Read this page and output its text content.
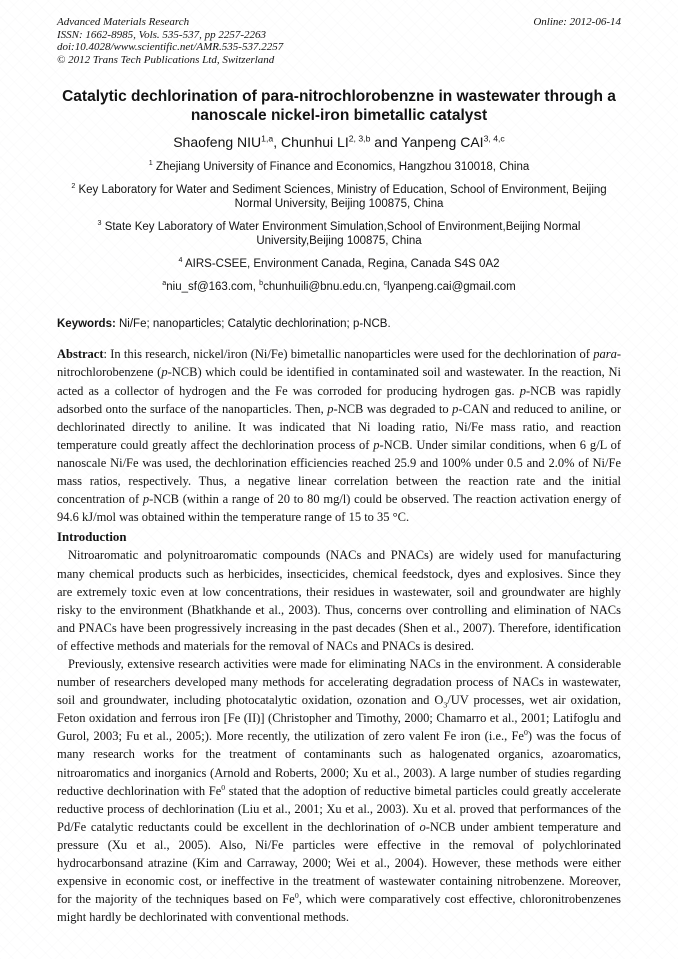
Advanced Materials Research
ISSN: 1662-8985, Vols. 535-537, pp 2257-2263
doi:10.4028/www.scientific.net/AMR.535-537.2257
© 2012 Trans Tech Publications Ltd, Switzerland
Online: 2012-06-14
Catalytic dechlorination of para-nitrochlorobenzne in wastewater through a nanoscale nickel-iron bimetallic catalyst
Shaofeng NIU$^{1,a}$, Chunhui LI$^{2, 3,b}$ and Yanpeng CAI$^{3, 4,c}$
$^1$ Zhejiang University of Finance and Economics, Hangzhou 310018, China
$^2$ Key Laboratory for Water and Sediment Sciences, Ministry of Education, School of Environment, Beijing Normal University, Beijing 100875, China
$^3$ State Key Laboratory of Water Environment Simulation,School of Environment,Beijing Normal University,Beijing 100875, China
$^4$ AIRS-CSEE, Environment Canada, Regina, Canada S4S 0A2
$^a$niu_sf@163.com, $^b$chunhuili@bnu.edu.cn, $^c$lyanpeng.cai@gmail.com
Keywords: Ni/Fe; nanoparticles; Catalytic dechlorination; p-NCB.
Abstract: In this research, nickel/iron (Ni/Fe) bimetallic nanoparticles were used for the dechlorination of para-nitrochlorobenzene (p-NCB) which could be identified in contaminated soil and wastewater. In the reaction, Ni acted as a collector of hydrogen and the Fe was corroded for producing hydrogen gas. p-NCB was rapidly adsorbed onto the surface of the nanoparticles. Then, p-NCB was degraded to p-CAN and reduced to aniline, or dechlorinated directly to aniline. It was indicated that Ni loading ratio, Ni/Fe mass ratio, and reaction temperature could greatly affect the dechlorination process of p-NCB. Under similar conditions, when 6 g/L of nanoscale Ni/Fe was used, the dechlorination efficiencies reached 25.9 and 100% under 0.5 and 2.0% of Ni/Fe mass ratios, respectively. Thus, a negative linear correlation between the reaction rate and the initial concentration of p-NCB (within a range of 20 to 80 mg/l) could be observed. The reaction activation energy of 94.6 kJ/mol was obtained within the temperature range of 15 to 35 °C.
Introduction

Nitroaromatic and polynitroaromatic compounds (NACs and PNACs) are widely used for manufacturing many chemical products such as herbicides, insecticides, chemical feedstock, dyes and explosives. Since they are extremely toxic even at low concentrations, their residues in wastewater, soil and groundwater are highly risky to the environment (Bhatkhande et al., 2003). Thus, concerns over controlling and elimination of NACs and PNACs have been progressively increasing in the past decades (Shen et al., 2007). Therefore, identification of effective methods and materials for the removal of NACs and PNACs is desired.

Previously, extensive research activities were made for eliminating NACs in the environment. A considerable number of researchers developed many methods for accelerating degradation process of NACs in wastewater, soil and groundwater, including photocatalytic oxidation, ozonation and $O_3/UV$ processes, wet air oxidation, Feton oxidation and ferrous iron [Fe (II)] (Christopher and Timothy, 2000; Chamarro et al., 2001; Latifoglu and Gurol, 2003; Fu et al., 2005;). More recently, the utilization of zero valent Fe iron (i.e., Fe$^0$) was the focus of many research works for the treatment of contaminants such as halogenated organics, azoaromatics, nitroaromatics and inorganics (Arnold and Roberts, 2000; Xu et al., 2003). A large number of studies regarding reductive dechlorination with Fe$^0$ stated that the adoption of reductive bimetal particles could greatly accelerate reductive process of dechlorination (Liu et al., 2001; Xu et al., 2003). Xu et al. proved that performances of the Pd/Fe catalytic reductants could be excellent in the dechlorination of o-NCB under ambient temperature and pressure (Xu et al., 2005). Also, Ni/Fe particles were effective in the removal of polychlorinated hydrocarbonsand atrazine (Kim and Carraway, 2000; Wei et al., 2004). However, these methods were either expensive in economic cost, or ineffective in the treatment of wastewater containing nitrobenzene. Moreover, for the majority of the techniques based on Fe$^0$, which were comparatively cost effective, chloronitrobenzenes might hardly be dechlorinated with conventional methods.
